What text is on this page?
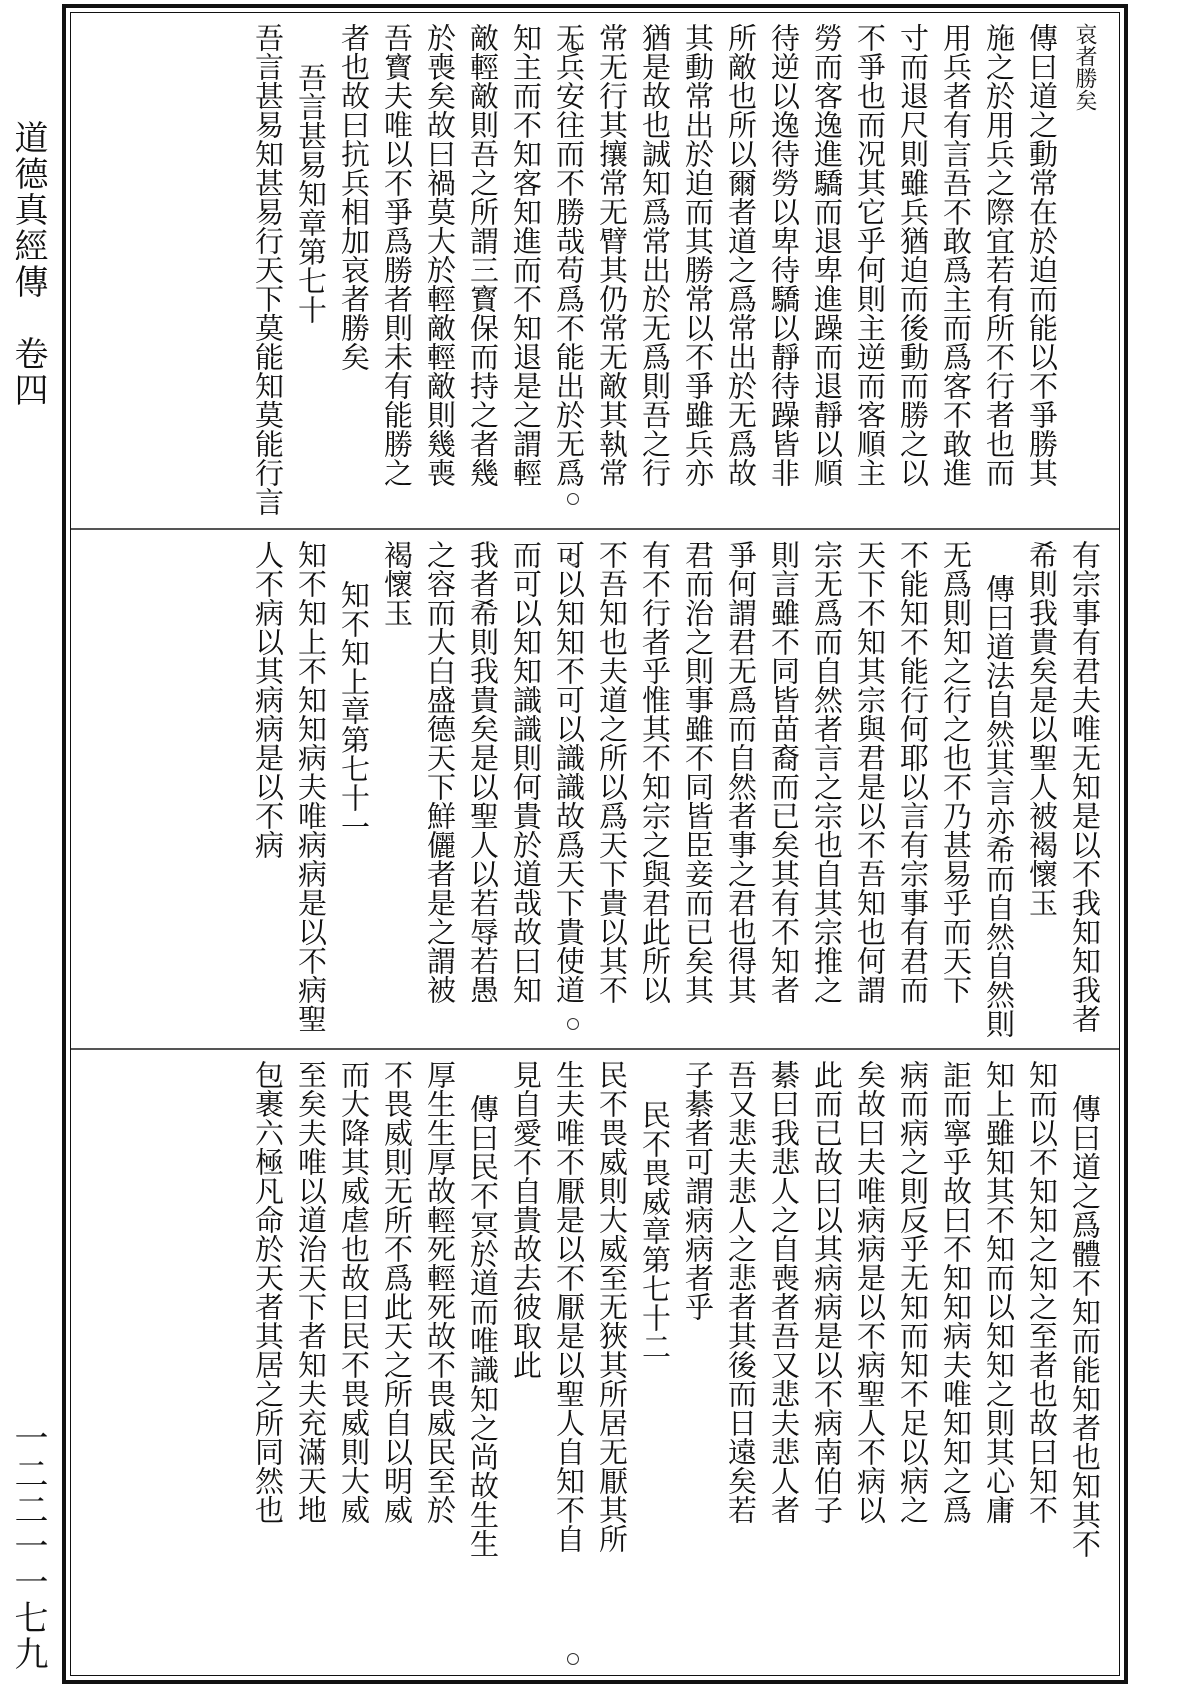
道德真經傳　卷四
一二二一一七九
哀者勝矣
傳曰道之動常在於迫而能以不爭勝其
施之於用兵之際宜若有所不行者也而
用兵者有言吾不敢爲主而爲客不敢進
寸而退尺則雖兵猶迫而後動而勝之以
不爭也而况其它乎何則主逆而客順主
勞而客逸進驕而退卑進躁而退靜以順
待逆以逸待勞以卑待驕以靜待躁皆非
所敵也所以爾者道之爲常出於无爲故
其動常出於迫而其勝常以不爭雖兵亦
猶是故也誠知爲常出於无爲則吾之行
常无行其攘常无臂其仍常无敵其執常
无兵安往而不勝哉苟爲不能出於无爲
知主而不知客知進而不知退是之謂輕
敵輕敵則吾之所謂三寳保而持之者幾
於喪矣故曰禍莫大於輕敵輕敵則幾喪
吾寳夫唯以不爭爲勝者則未有能勝之
者也故曰抗兵相加哀者勝矣
吾言甚易知章第七十
吾言甚易知甚易行天下莫能知莫能行言
有宗事有君夫唯无知是以不我知知我者
希則我貴矣是以聖人被褐懷玉
傳曰道法自然其言亦希而自然自然則
无爲則知之行之也不乃甚易乎而天下
不能知不能行何耶以言有宗事有君而
天下不知其宗與君是以不吾知也何謂
宗无爲而自然者言之宗也自其宗推之
則言雖不同皆苗裔而已矣其有不知者
爭何謂君无爲而自然者事之君也得其
君而治之則事雖不同皆臣妾而已矣其
有不行者乎惟其不知宗之與君此所以
不吾知也夫道之所以爲天下貴以其不
可以知知不可以識識故爲天下貴使道
而可以知知識識則何貴於道哉故曰知
我者希則我貴矣是以聖人以若辱若愚
之容而大白盛德天下鮮儷者是之謂被
褐懷玉
知不知上章第七十一
知不知上不知知病夫唯病病是以不病聖
人不病以其病病是以不病
傳曰道之爲體不知而能知者也知其不
知而以不知知之知之至者也故曰知不
知上雖知其不知而以知知之則其心庸
詎而寧乎故曰不知知病夫唯知知之爲
病而病之則反乎无知而知不足以病之
矣故曰夫唯病病是以不病聖人不病以
此而已故曰以其病病是以不病南伯子
綦曰我悲人之自喪者吾又悲夫悲人者
吾又悲夫悲人之悲者其後而日遠矣若
子綦者可謂病病者乎
民不畏威章第七十二
民不畏威則大威至无狹其所居无厭其所
生夫唯不厭是以不厭是以聖人自知不自
見自愛不自貴故去彼取此
傳曰民不冥於道而唯識知之尚故生生
厚生生厚故輕死輕死故不畏威民至於
不畏威則无所不爲此天之所自以明威
而大降其威虐也故曰民不畏威則大威
至矣夫唯以道治天下者知夫充滿天地
包裹六極凡命於天者其居之所同然也
